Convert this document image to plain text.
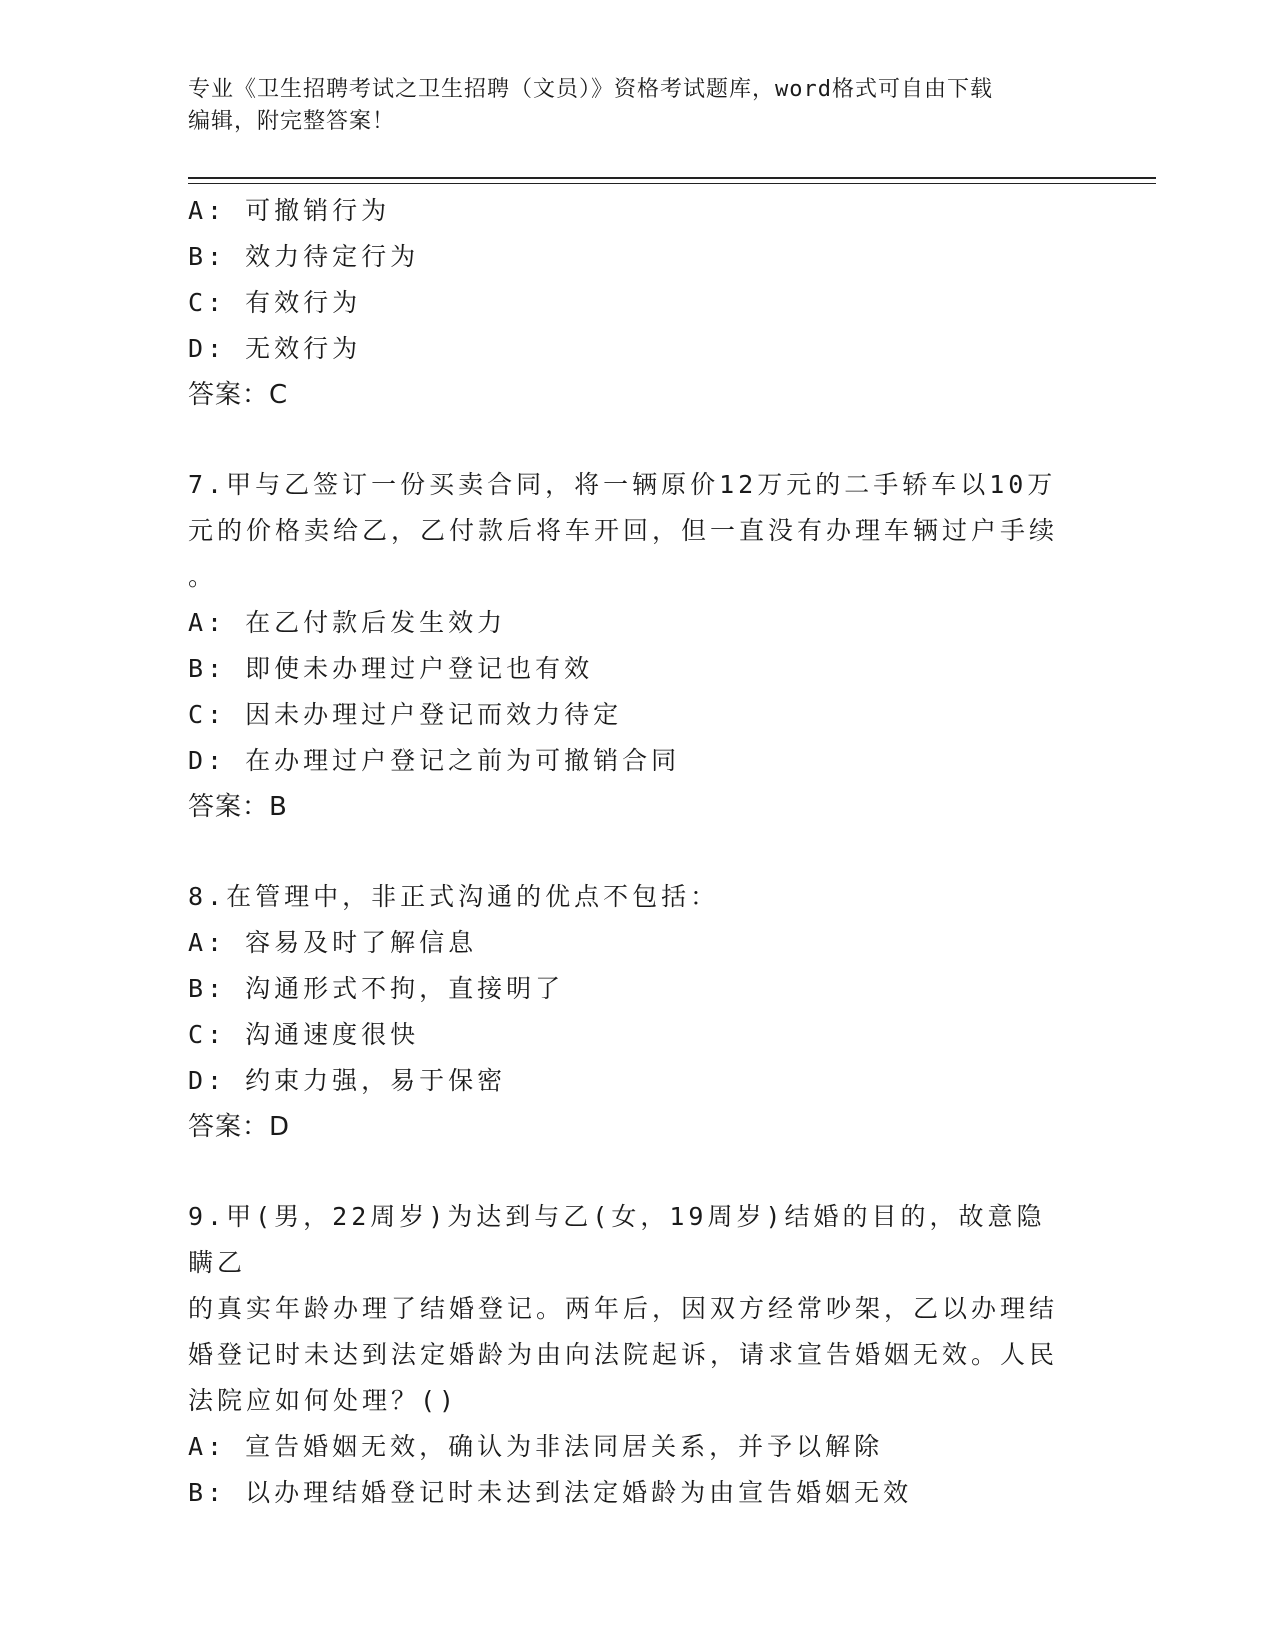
专业《卫生招聘考试之卫生招聘（文员）》资格考试题库，word格式可自由下载
编辑，附完整答案！
A: 可撤销行为
B: 效力待定行为
C: 有效行为
D: 无效行为
答案：C
7.甲与乙签订一份买卖合同，将一辆原价12万元的二手轿车以10万
元的价格卖给乙，乙付款后将车开回，但一直没有办理车辆过户手续
。
A: 在乙付款后发生效力
B: 即使未办理过户登记也有效
C: 因未办理过户登记而效力待定
D: 在办理过户登记之前为可撤销合同
答案：B
8.在管理中，非正式沟通的优点不包括：
A: 容易及时了解信息
B: 沟通形式不拘，直接明了
C: 沟通速度很快
D: 约束力强，易于保密
答案：D
9.甲(男，22周岁)为达到与乙(女，19周岁)结婚的目的，故意隐瞒乙
的真实年龄办理了结婚登记。两年后，因双方经常吵架，乙以办理结
婚登记时未达到法定婚龄为由向法院起诉，请求宣告婚姻无效。人民
法院应如何处理？()
A: 宣告婚姻无效，确认为非法同居关系，并予以解除
B: 以办理结婚登记时未达到法定婚龄为由宣告婚姻无效
